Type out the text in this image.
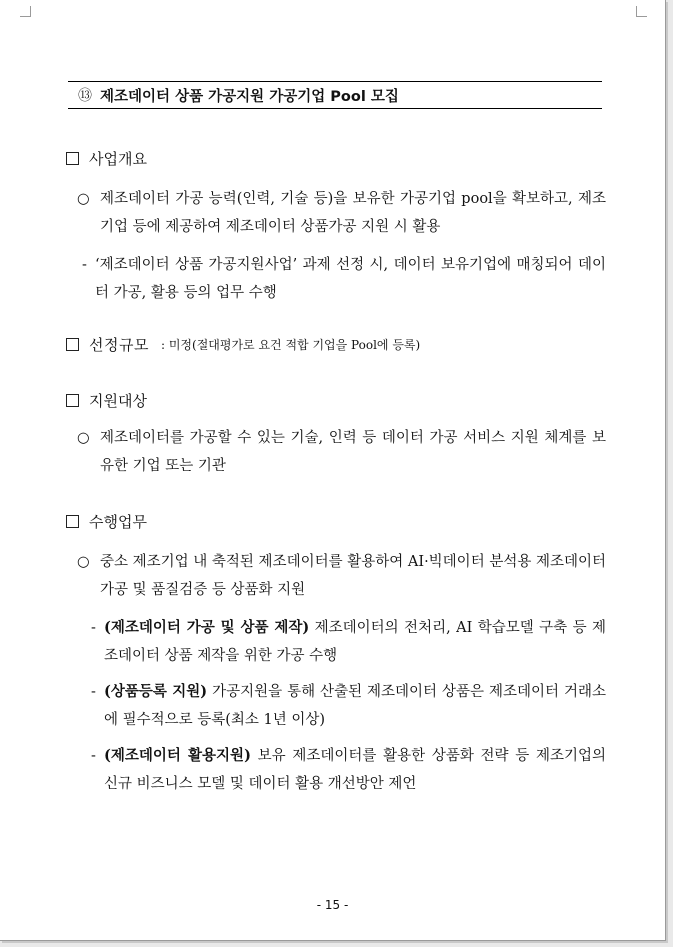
⑬ 제조데이터 상품 가공지원 가공기업 Pool 모집
사업개요
○ 제조데이터 가공 능력(인력, 기술 등)을 보유한 가공기업 pool을 확보하고, 제조기업 등에 제공하여 제조데이터 상품가공 지원 시 활용
- ‘제조데이터 상품 가공지원사업’ 과제 선정 시, 데이터 보유기업에 매칭되어 데이터 가공, 활용 등의 업무 수행
선정규모 : 미정(절대평가로 요건 적합 기업을 Pool에 등록)
지원대상
○ 제조데이터를 가공할 수 있는 기술, 인력 등 데이터 가공 서비스 지원 체계를 보유한 기업 또는 기관
수행업무
○ 중소 제조기업 내 축적된 제조데이터를 활용하여 AI·빅데이터 분석용 제조데이터 가공 및 품질검증 등 상품화 지원
- (제조데이터 가공 및 상품 제작) 제조데이터의 전처리, AI 학습모델 구축 등 제조데이터 상품 제작을 위한 가공 수행
- (상품등록 지원) 가공지원을 통해 산출된 제조데이터 상품은 제조데이터 거래소에 필수적으로 등록(최소 1년 이상)
- (제조데이터 활용지원) 보유 제조데이터를 활용한 상품화 전략 등 제조기업의 신규 비즈니스 모델 및 데이터 활용 개선방안 제언
- 15 -
